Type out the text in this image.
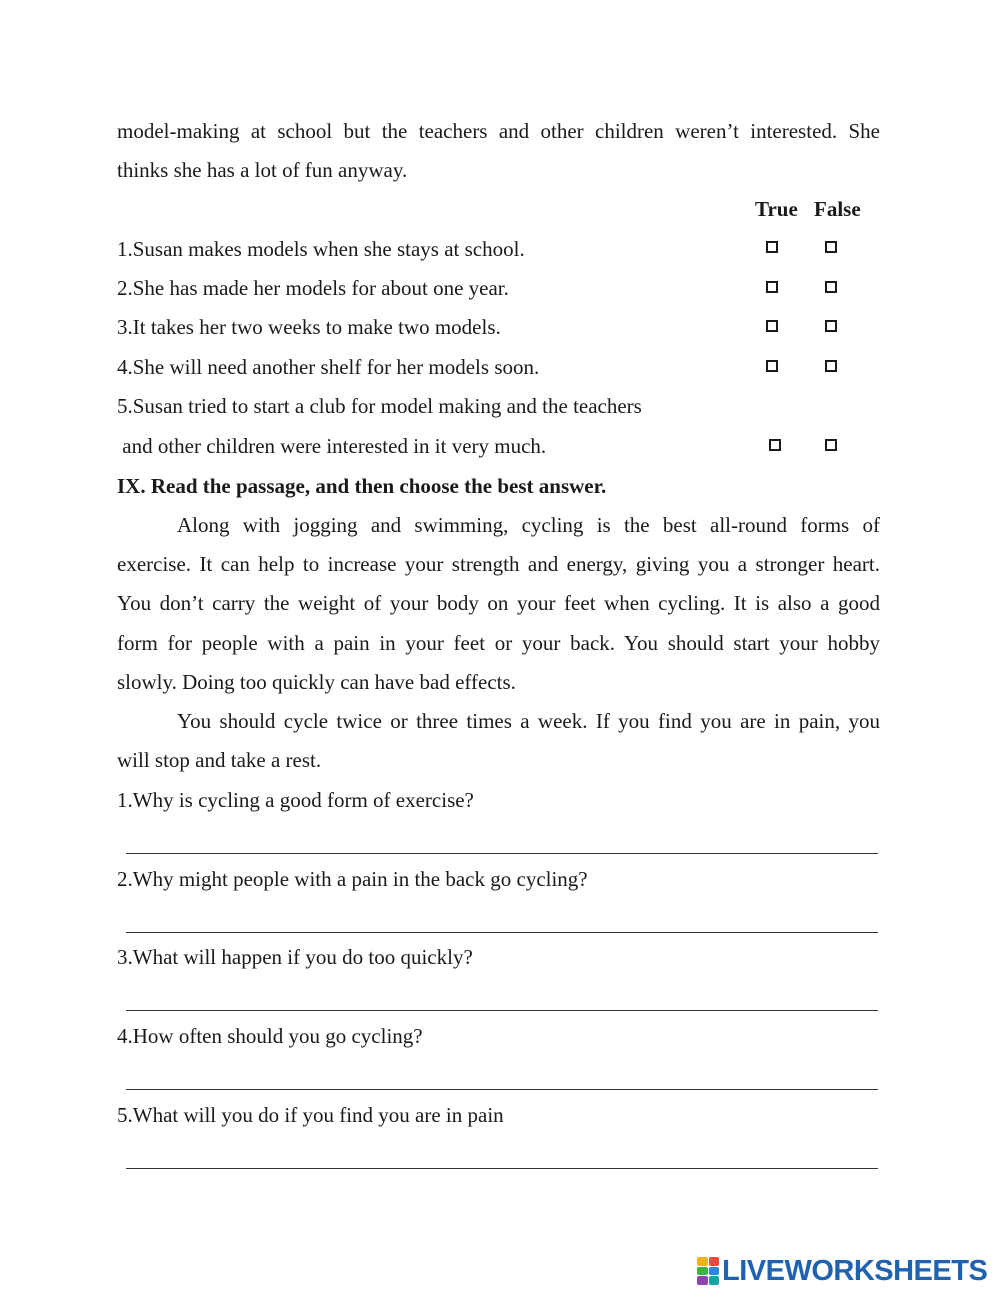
model-making at school but the teachers and other children weren’t interested. She
thinks she has a lot of fun anyway.
True False
1.Susan makes models when she stays at school.
2.She has made her models for about one year.
3.It takes her two weeks to make two models.
4.She will need another shelf for her models soon.
5.Susan tried to start a club for model making and the teachers
and other children were interested in it very much.
IX. Read the passage, and then choose the best answer.
Along with jogging and swimming, cycling is the best all-round forms of
exercise. It can help to increase your strength and energy, giving you a stronger heart.
You don’t carry the weight of your body on your feet when cycling. It is also a good
form for people with a pain in your feet or your back. You should start your hobby
slowly. Doing too quickly can have bad effects.
You should cycle twice or three times a week. If you find you are in pain, you
will stop and take a rest.
1.Why is cycling a good form of exercise?
2.Why might people with a pain in the back go cycling?
3.What will happen if you do too quickly?
4.How often should you go cycling?
5.What will you do if you find you are in pain
LIVEWORKSHEETS
